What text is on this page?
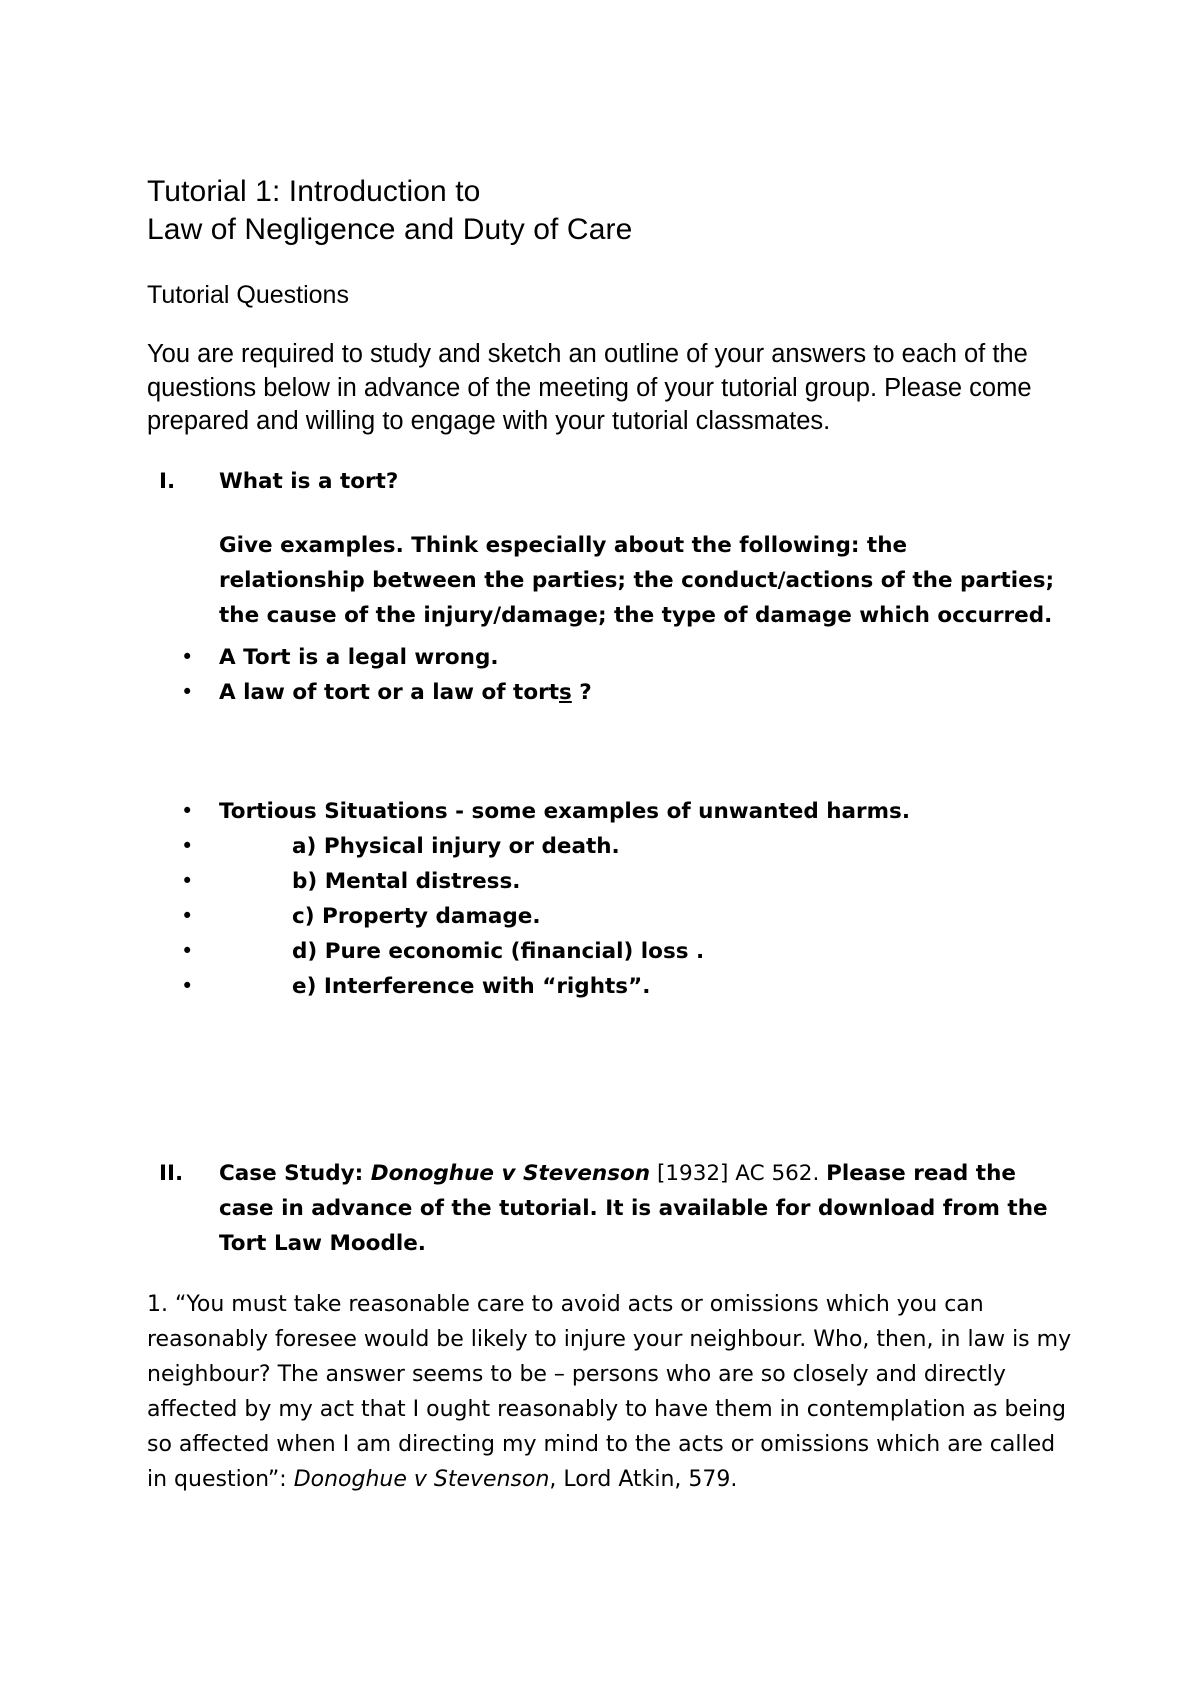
Tutorial 1: Introduction to
Law of Negligence and Duty of Care
Tutorial Questions
You are required to study and sketch an outline of your answers to each of the questions below in advance of the meeting of your tutorial group. Please come prepared and willing to engage with your tutorial classmates.
I. What is a tort?
Give examples. Think especially about the following: the relationship between the parties; the conduct/actions of the parties; the cause of the injury/damage; the type of damage which occurred.
• A Tort is a legal wrong.
• A law of tort or a law of torts ?
• Tortious Situations - some examples of unwanted harms.
•	a) Physical injury or death.
•	b) Mental distress.
•	c) Property damage.
•	d) Pure economic (financial) loss .
•	e) Interference with “rights”.
II. Case Study: Donoghue v Stevenson [1932] AC 562. Please read the case in advance of the tutorial. It is available for download from the Tort Law Moodle.
1. “You must take reasonable care to avoid acts or omissions which you can reasonably foresee would be likely to injure your neighbour. Who, then, in law is my neighbour? The answer seems to be – persons who are so closely and directly affected by my act that I ought reasonably to have them in contemplation as being so affected when I am directing my mind to the acts or omissions which are called in question”: Donoghue v Stevenson, Lord Atkin, 579.
